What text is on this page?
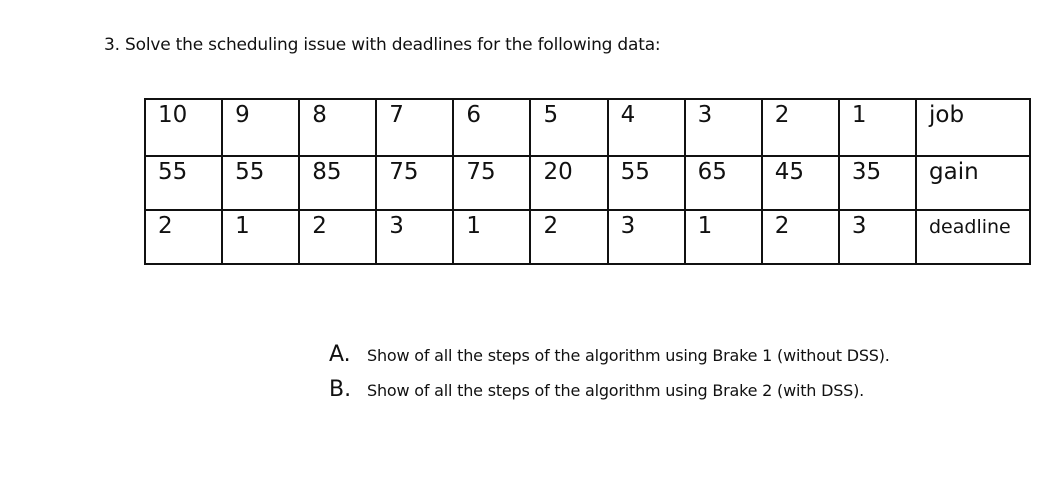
3. Solve the scheduling issue with deadlines for the following data:
10	9	8	7	6	5	4	3	2	1	job
55	55	85	75	75	20	55	65	45	35	gain
2	1	2	3	1	2	3	1	2	3	deadline
A. Show of all the steps of the algorithm using Brake 1 (without DSS).
B. Show of all the steps of the algorithm using Brake 2 (with DSS).
